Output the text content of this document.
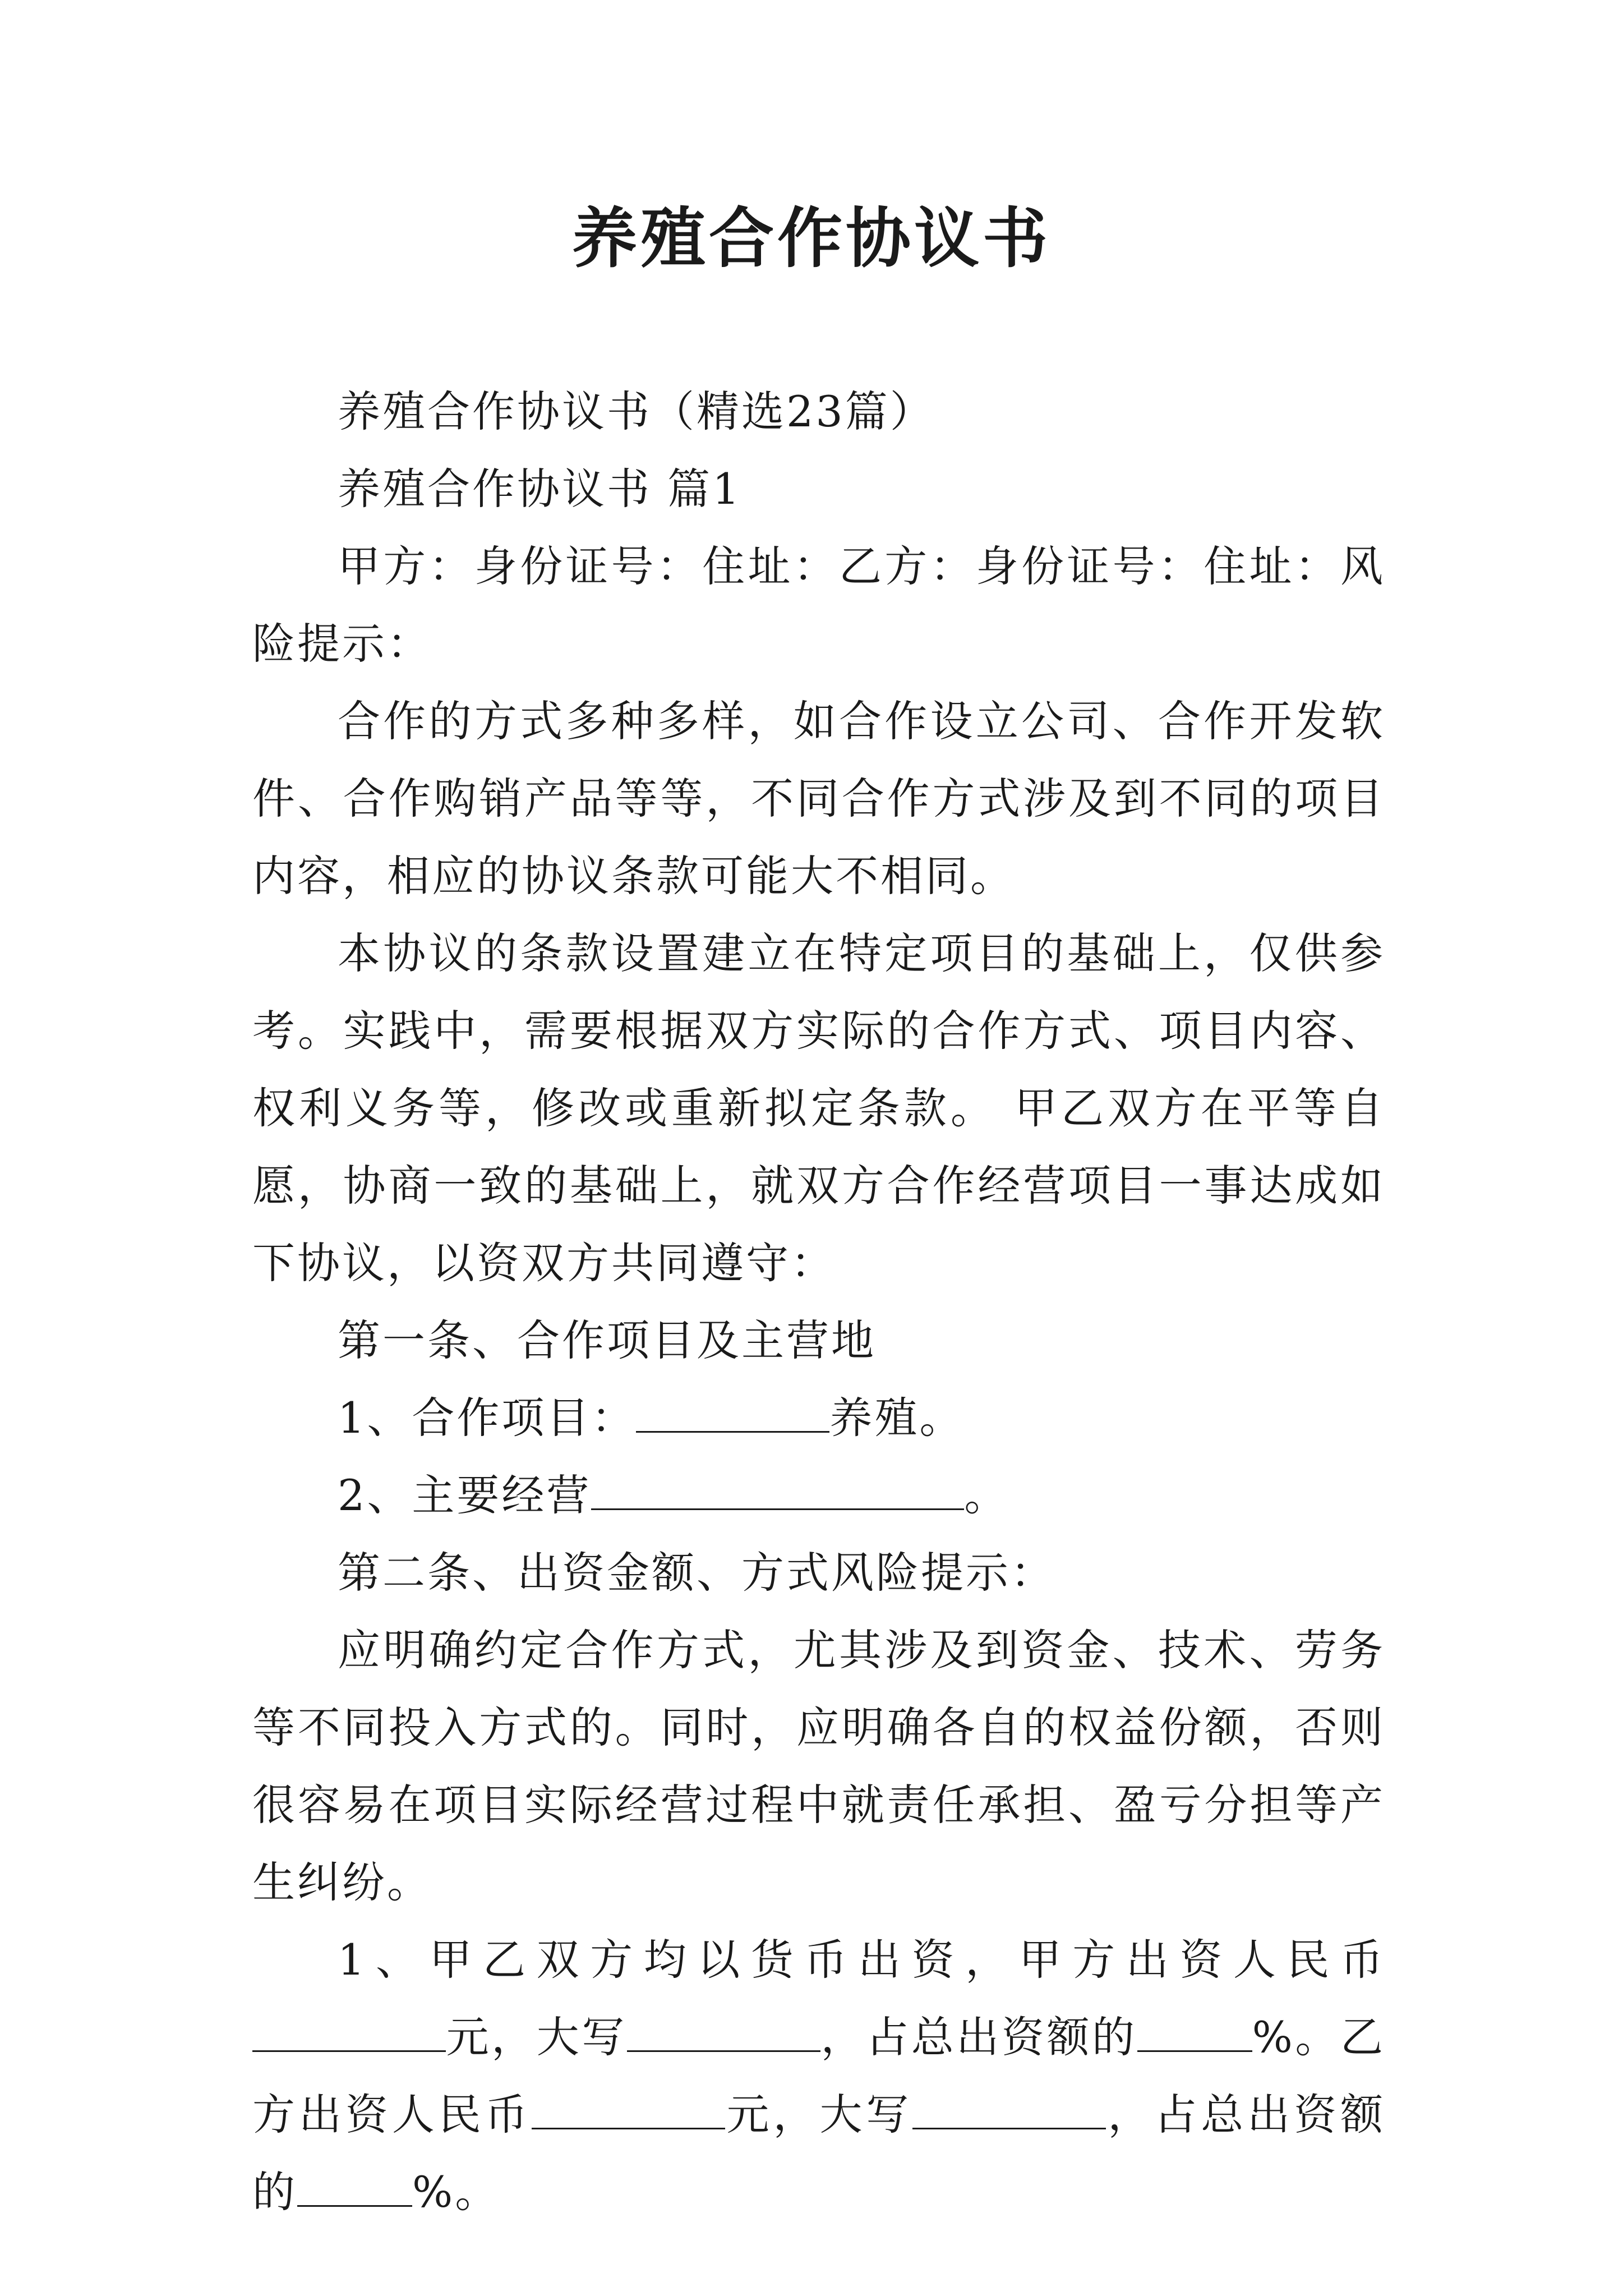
养殖合作协议书

养殖合作协议书（精选23篇）

养殖合作协议书 篇1

甲方：身份证号：住址：乙方：身份证号：住址：风险提示：

合作的方式多种多样，如合作设立公司、合作开发软件、合作购销产品等等，不同合作方式涉及到不同的项目内容，相应的协议条款可能大不相同。

本协议的条款设置建立在特定项目的基础上，仅供参考。实践中，需要根据双方实际的合作方式、项目内容、权利义务等，修改或重新拟定条款。 甲乙双方在平等自愿，协商一致的基础上，就双方合作经营项目一事达成如下协议，以资双方共同遵守：

第一条、合作项目及主营地

1、合作项目：	养殖。

2、主要经营	。

第二条、出资金额、方式风险提示：

应明确约定合作方式，尤其涉及到资金、技术、劳务等不同投入方式的。同时，应明确各自的权益份额，否则很容易在项目实际经营过程中就责任承担、盈亏分担等产生纠纷。

1、甲乙双方均以货币出资，甲方出资人民币元，大写	，占总出资额的	%。乙方出资人民币	元，大写	，占总出资额的	%。
